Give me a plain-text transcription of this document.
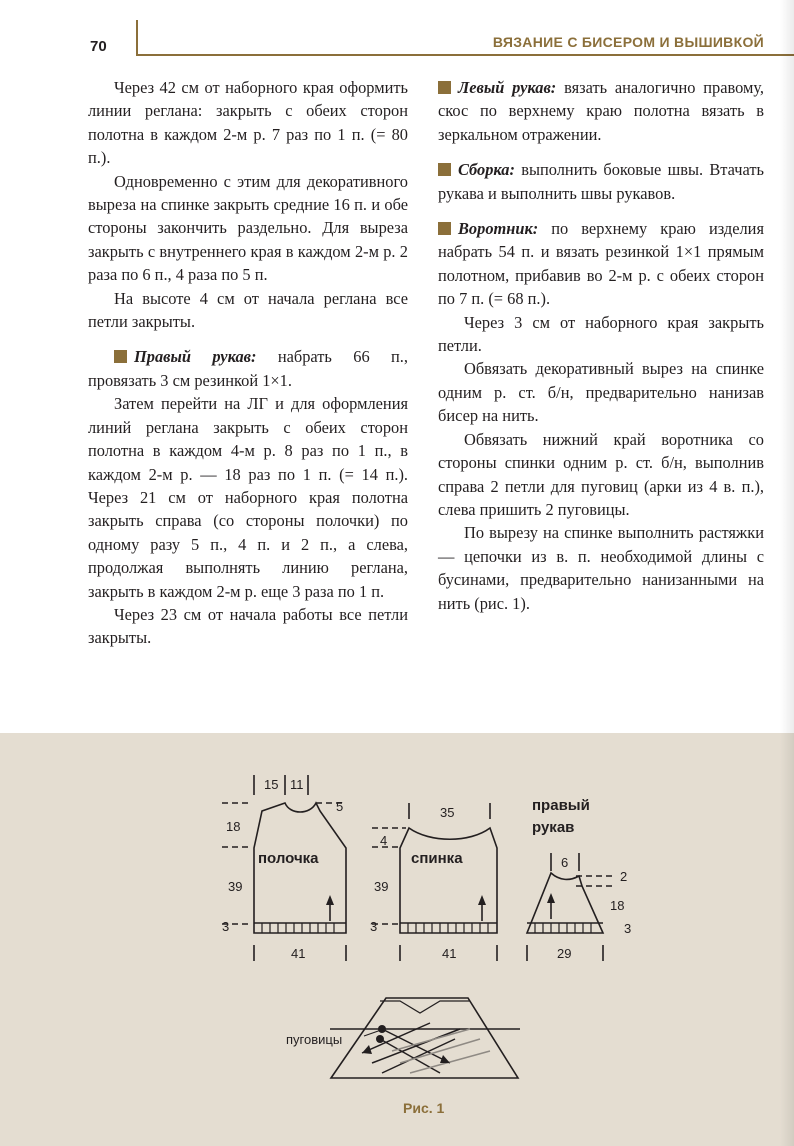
70	ВЯЗАНИЕ С БИСЕРОМ И ВЫШИВКОЙ

Через 42 см от наборного края оформить линии реглана: закрыть с обеих сторон полотна в каждом 2-м р. 7 раз по 1 п. (= 80 п.).

Одновременно с этим для декоративного выреза на спинке закрыть средние 16 п. и обе стороны закончить раздельно. Для выреза закрыть с внутреннего края в каждом 2-м р. 2 раза по 6 п., 4 раза по 5 п.

На высоте 4 см от начала реглана все петли закрыты.

Правый рукав: набрать 66 п., провязать 3 см резинкой 1×1.

Затем перейти на ЛГ и для оформления линий реглана закрыть с обеих сторон полотна в каждом 4-м р. 8 раз по 1 п., в каждом 2-м р. — 18 раз по 1 п. (= 14 п.). Через 21 см от наборного края полотна закрыть справа (со стороны полочки) по одному разу 5 п., 4 п. и 2 п., а слева, продолжая выполнять линию реглана, закрыть в каждом 2-м р. еще 3 раза по 1 п.

Через 23 см от начала работы все петли закрыты.

Левый рукав: вязать аналогично правому, скос по верхнему краю полотна вязать в зеркальном отражении.

Сборка: выполнить боковые швы. Втачать рукава и выполнить швы рукавов.

Воротник: по верхнему краю изделия набрать 54 п. и вязать резинкой 1×1 прямым полотном, прибавив во 2-м р. с обеих сторон по 7 п. (= 68 п.).

Через 3 см от наборного края закрыть петли.

Обвязать декоративный вырез на спинке одним р. ст. б/н, предварительно нанизав бисер на нить.

Обвязать нижний край воротника со стороны спинки одним р. ст. б/н, выполнив справа 2 петли для пуговиц (арки из 4 в. п.), слева пришить 2 пуговицы.

По вырезу на спинке выполнить растяжки — цепочки из в. п. необходимой длины с бусинами, предварительно нанизанными на нить (рис. 1).

15 11
5
18
полочка
39
3
41
35
4
спинка
39
3
41
правый
рукав
6
2
18
3
29
пуговицы
Рис. 1
